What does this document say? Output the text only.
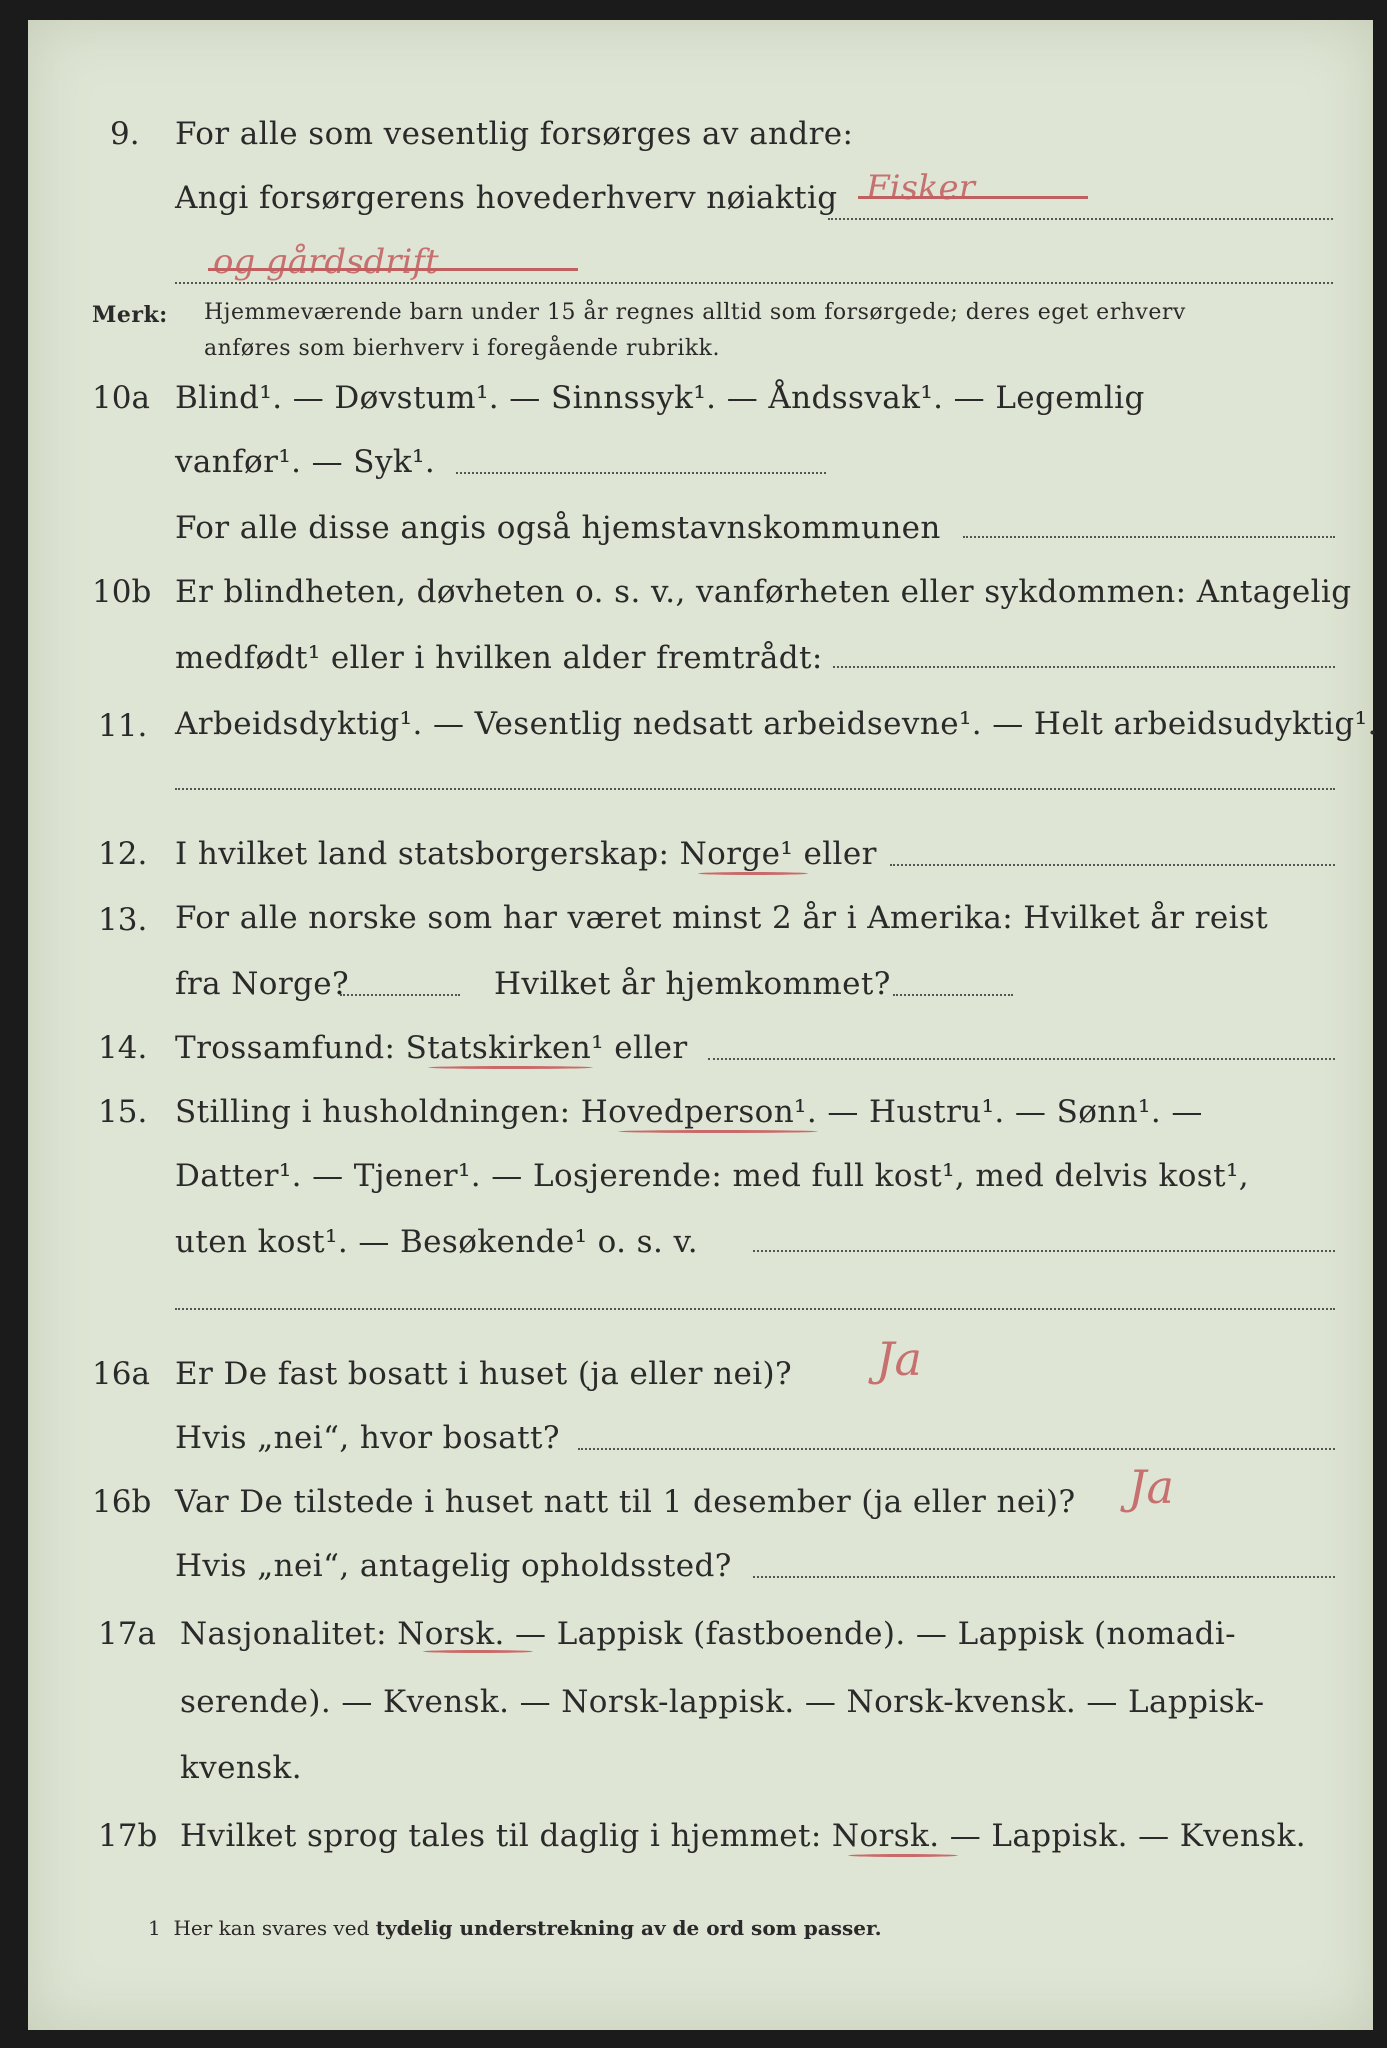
9. For alle som vesentlig forsørges av andre:
Angi forsørgerens hovederhverv nøiaktig Fisker
og gårdsdrift
Merk: Hjemmeværende barn under 15 år regnes alltid som forsørgede; deres eget erhverv
anføres som bierhverv i foregående rubrikk.
10a Blind¹. — Døvstum¹. — Sinnssyk¹. — Åndssvak¹. — Legemlig
vanfør¹. — Syk¹.
For alle disse angis også hjemstavnskommunen
10b Er blindheten, døvheten o. s. v., vanførheten eller sykdommen: Antagelig
medfødt¹ eller i hvilken alder fremtrådt:
11. Arbeidsdyktig¹. — Vesentlig nedsatt arbeidsevne¹. — Helt arbeidsudyktig¹.
12. I hvilket land statsborgerskap: Norge¹ eller
13. For alle norske som har været minst 2 år i Amerika: Hvilket år reist
fra Norge?	Hvilket år hjemkommet?
14. Trossamfund: Statskirken¹ eller
15. Stilling i husholdningen: Hovedperson¹. — Hustru¹. — Sønn¹. —
Datter¹. — Tjener¹. — Losjerende: med full kost¹, med delvis kost¹,
uten kost¹. — Besøkende¹ o. s. v.
16a Er De fast bosatt i huset (ja eller nei)? Ja
Hvis „nei“, hvor bosatt?
16b Var De tilstede i huset natt til 1 desember (ja eller nei)? Ja
Hvis „nei“, antagelig opholdssted?
17a Nasjonalitet: Norsk. — Lappisk (fastboende). — Lappisk (nomadi-
serende). — Kvensk. — Norsk-lappisk. — Norsk-kvensk. — Lappisk-
kvensk.
17b Hvilket sprog tales til daglig i hjemmet: Norsk. — Lappisk. — Kvensk.
1 Her kan svares ved tydelig understrekning av de ord som passer.
